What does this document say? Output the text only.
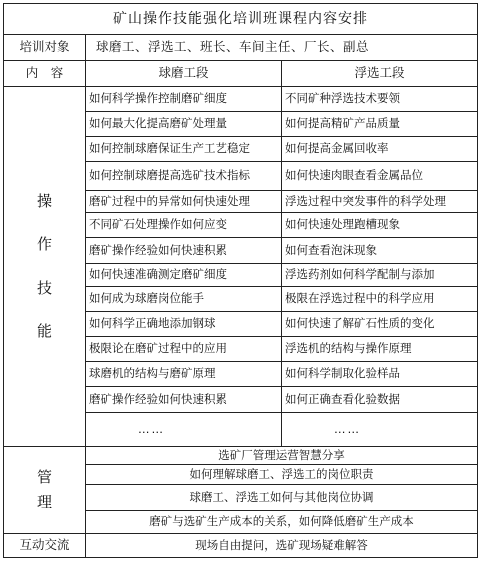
矿山操作技能强化培训班课程内容安排		
培训对象	球磨工、浮选工、班长、车间主任、厂长、副总	
内　容	球磨工段	浮选工段

操
作
技
能	如何科学操作控制磨矿细度	不同矿种浮选技术要领
	如何最大化提高磨矿处理量	如何提高精矿产品质量
	如何控制球磨保证生产工艺稳定	如何提高金属回收率
	如何控制球磨提高选矿技术指标	如何快速肉眼查看金属品位
	磨矿过程中的异常如何快速处理	浮选过程中突发事件的科学处理
	不同矿石处理操作如何应变	如何快速处理跑槽现象
	磨矿操作经验如何快速积累	如何查看泡沫现象
	如何快速准确测定磨矿细度	浮选药剂如何科学配制与添加
	如何成为球磨岗位能手	极限在浮选过程中的科学应用
	如何科学正确地添加钢球	如何快速了解矿石性质的变化
	极限论在磨矿过程中的应用	浮选机的结构与操作原理
	球磨机的结构与磨矿原理	如何科学制取化验样品
	磨矿操作经验如何快速积累	如何正确查看化验数据
	……	……

管
理	选矿厂管理运营智慧分享	
	如何理解球磨工、浮选工的岗位职责	
	球磨工、浮选工如何与其他岗位协调	
	磨矿与选矿生产成本的关系，如何降低磨矿生产成本	
互动交流	现场自由提问，选矿现场疑难解答	
